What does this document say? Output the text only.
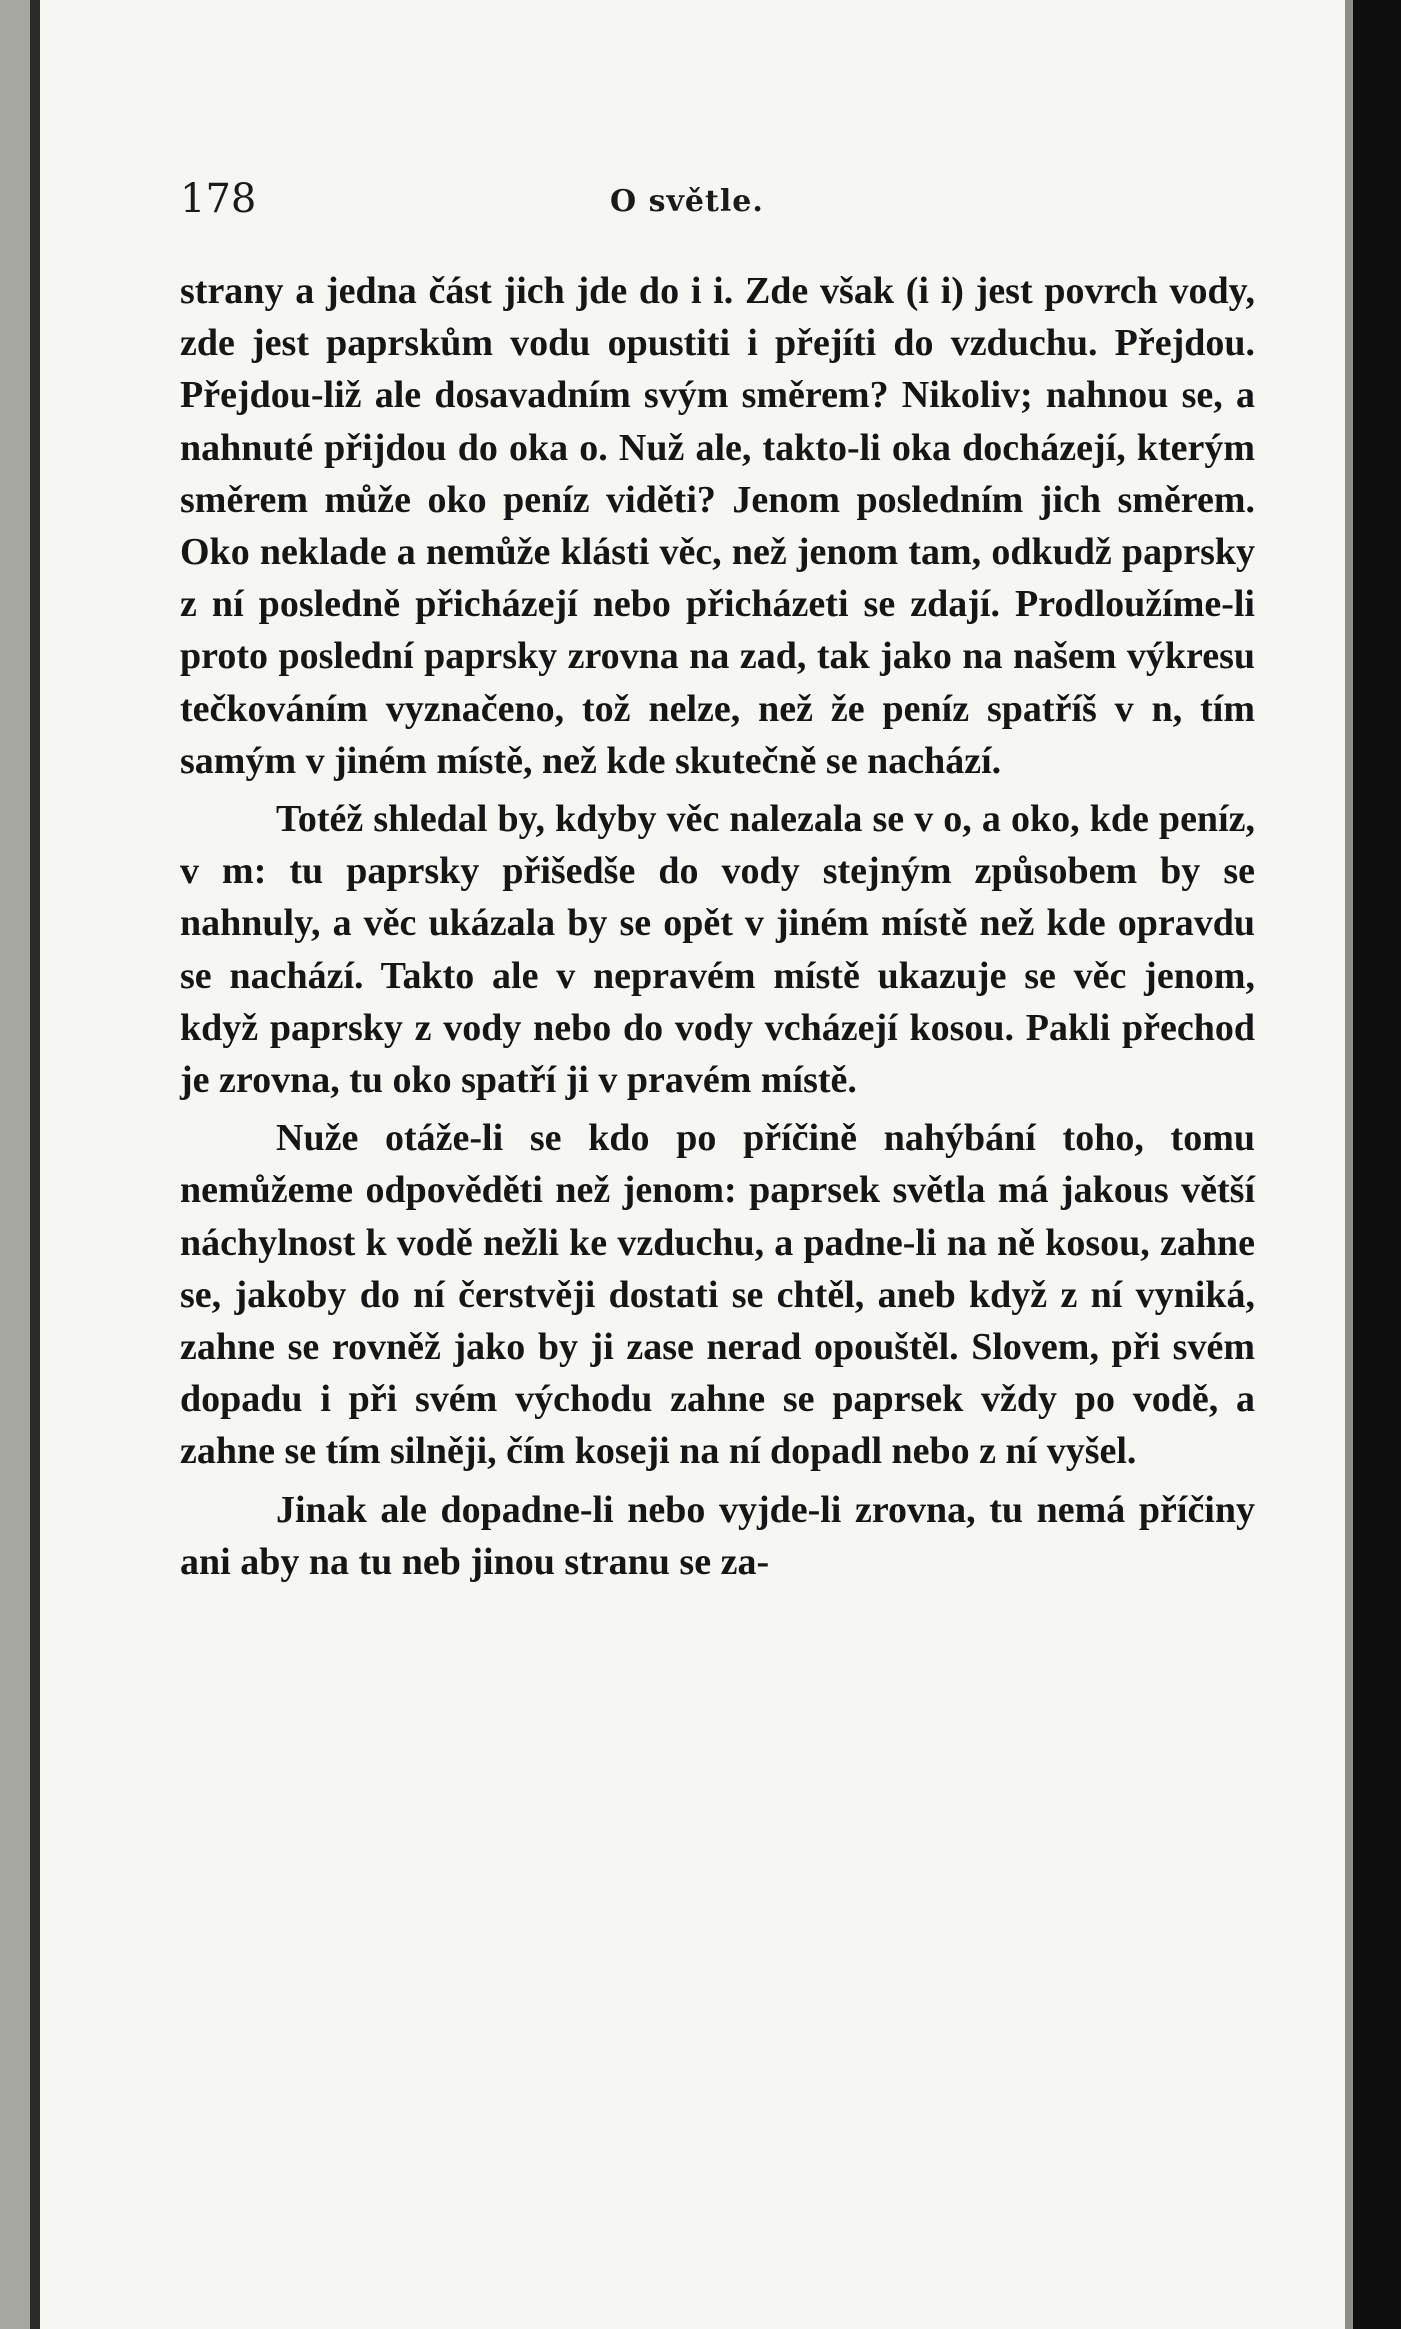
178	O světle.

strany a jedna část jich jde do i i. Zde však (i i) jest povrch vody, zde jest paprskům vodu opustiti i přejíti do vzduchu. Přejdou. Přejdou-liž ale dosavadním svým směrem? Nikoliv; nahnou se, a nahnuté přijdou do oka o. Nuž ale, takto-li oka docházejí, kterým směrem může oko peníz viděti? Jenom posledním jich směrem. Oko neklade a nemůže klásti věc, než jenom tam, odkudž paprsky z ní posledně přicházejí nebo přicházeti se zdají. Prodloužíme-li proto poslední paprsky zrovna na zad, tak jako na našem výkresu tečkováním vyznačeno, tož nelze, než že peníz spatříš v n, tím samým v jiném místě, než kde skutečně se nachází.

Totéž shledal by, kdyby věc nalezala se v o, a oko, kde peníz, v m: tu paprsky přišedše do vody stejným způsobem by se nahnuly, a věc ukázala by se opět v jiném místě než kde opravdu se nachází. Takto ale v nepravém místě ukazuje se věc jenom, když paprsky z vody nebo do vody vcházejí kosou. Pakli přechod je zrovna, tu oko spatří ji v pravém místě.

Nuže otáže-li se kdo po příčině nahýbání toho, tomu nemůžeme odpověděti než jenom: paprsek světla má jakous větší náchylnost k vodě nežli ke vzduchu, a padne-li na ně kosou, zahne se, jakoby do ní čerstvěji dostati se chtěl, aneb když z ní vyniká, zahne se rovněž jako by ji zase nerad opouštěl. Slovem, při svém dopadu i při svém východu zahne se paprsek vždy po vodě, a zahne se tím silněji, čím koseji na ní dopadl nebo z ní vyšel.

Jinak ale dopadne-li nebo vyjde-li zrovna, tu nemá příčiny ani aby na tu neb jinou stranu se za-
